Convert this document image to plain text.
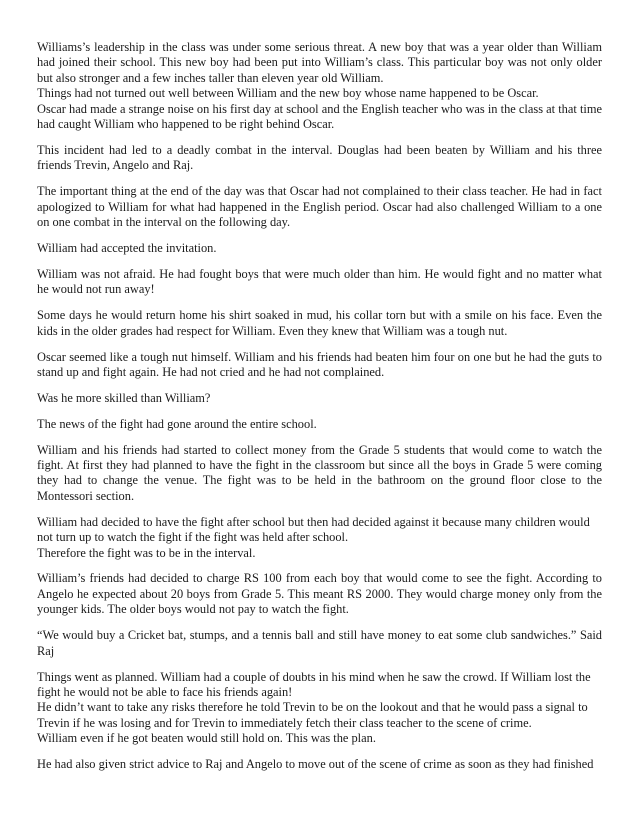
Williams’s leadership in the class was under some serious threat. A new boy that was a year older than William had joined their school. This new boy had been put into William’s class. This particular boy was not only older but also stronger and a few inches taller than eleven year old William.
Things had not turned out well between William and the new boy whose name happened to be Oscar.
Oscar had made a strange noise on his first day at school and the English teacher who was in the class at that time had caught William who happened to be right behind Oscar.

This incident had led to a deadly combat in the interval. Douglas had been beaten by William and his three friends Trevin, Angelo and Raj.

The important thing at the end of the day was that Oscar had not complained to their class teacher. He had in fact apologized to William for what had happened in the English period. Oscar had also challenged William to a one on one combat in the interval on the following day.

William had accepted the invitation.

William was not afraid. He had fought boys that were much older than him. He would fight and no matter what he would not run away!

Some days he would return home his shirt soaked in mud, his collar torn but with a smile on his face. Even the kids in the older grades had respect for William. Even they knew that William was a tough nut.

Oscar seemed like a tough nut himself. William and his friends had beaten him four on one but he had the guts to stand up and fight again. He had not cried and he had not complained.

Was he more skilled than William?

The news of the fight had gone around the entire school.

William and his friends had started to collect money from the Grade 5 students that would come to watch the fight. At first they had planned to have the fight in the classroom but since all the boys in Grade 5 were coming they had to change the venue. The fight was to be held in the bathroom on the ground floor close to the Montessori section.

William had decided to have the fight after school but then had decided against it because many children would not turn up to watch the fight if the fight was held after school.
Therefore the fight was to be in the interval.

William’s friends had decided to charge RS 100 from each boy that would come to see the fight. According to Angelo he expected about 20 boys from Grade 5. This meant RS 2000. They would charge money only from the younger kids. The older boys would not pay to watch the fight.

“We would buy a Cricket bat, stumps, and a tennis ball and still have money to eat some club sandwiches.” Said Raj

Things went as planned. William had a couple of doubts in his mind when he saw the crowd. If William lost the fight he would not be able to face his friends again!
He didn’t want to take any risks therefore he told Trevin to be on the lookout and that he would pass a signal to Trevin if he was losing and for Trevin to immediately fetch their class teacher to the scene of crime.
William even if he got beaten would still hold on. This was the plan.

He had also given strict advice to Raj and Angelo to move out of the scene of crime as soon as they had finished
